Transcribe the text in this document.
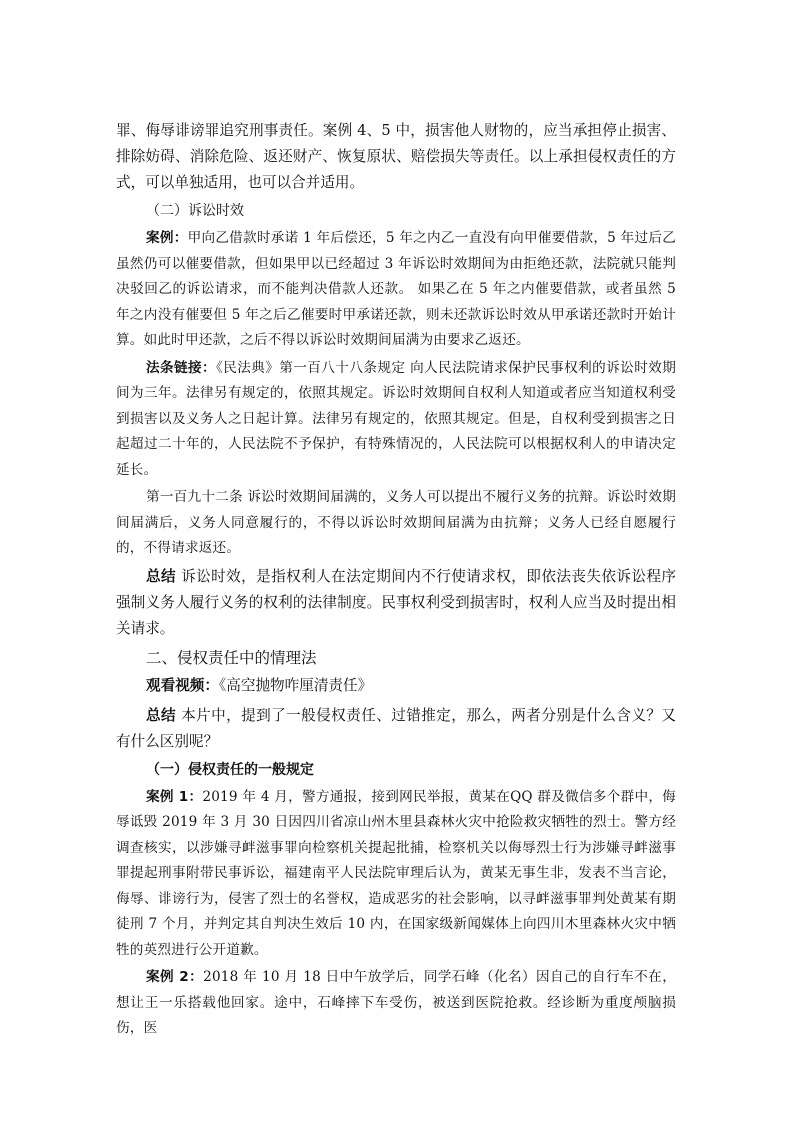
罪、侮辱诽谤罪追究刑事责任。案例 4、5 中，损害他人财物的，应当承担停止损害、排除妨碍、消除危险、返还财产、恢复原状、赔偿损失等责任。以上承担侵权责任的方式，可以单独适用，也可以合并适用。

（二）诉讼时效

案例：甲向乙借款时承诺 1 年后偿还，5 年之内乙一直没有向甲催要借款，5 年过后乙虽然仍可以催要借款，但如果甲以已经超过 3 年诉讼时效期间为由拒绝还款，法院就只能判决驳回乙的诉讼请求，而不能判决借款人还款。 如果乙在 5 年之内催要借款，或者虽然 5 年之内没有催要但 5 年之后乙催要时甲承诺还款，则未还款诉讼时效从甲承诺还款时开始计算。如此时甲还款，之后不得以诉讼时效期间届满为由要求乙返还。

法条链接：《民法典》第一百八十八条规定 向人民法院请求保护民事权利的诉讼时效期间为三年。法律另有规定的，依照其规定。诉讼时效期间自权利人知道或者应当知道权利受到损害以及义务人之日起计算。法律另有规定的，依照其规定。但是，自权利受到损害之日起超过二十年的，人民法院不予保护，有特殊情况的，人民法院可以根据权利人的申请决定延长。

第一百九十二条 诉讼时效期间届满的，义务人可以提出不履行义务的抗辩。诉讼时效期间届满后，义务人同意履行的，不得以诉讼时效期间届满为由抗辩；义务人已经自愿履行的，不得请求返还。

总结 诉讼时效，是指权利人在法定期间内不行使请求权，即依法丧失依诉讼程序强制义务人履行义务的权利的法律制度。民事权利受到损害时，权利人应当及时提出相关请求。

二、侵权责任中的情理法

观看视频：《高空抛物咋厘清责任》

总结 本片中，提到了一般侵权责任、过错推定，那么，两者分别是什么含义？又有什么区别呢？

（一）侵权责任的一般规定

案例 1：2019 年 4 月，警方通报，接到网民举报，黄某在QQ 群及微信多个群中，侮辱诋毁 2019 年 3 月 30 日因四川省凉山州木里县森林火灾中抢险救灾牺牲的烈士。警方经调查核实，以涉嫌寻衅滋事罪向检察机关提起批捕，检察机关以侮辱烈士行为涉嫌寻衅滋事罪提起刑事附带民事诉讼，福建南平人民法院审理后认为，黄某无事生非，发表不当言论，侮辱、诽谤行为，侵害了烈士的名誉权，造成恶劣的社会影响，以寻衅滋事罪判处黄某有期徒刑 7 个月，并判定其自判决生效后 10 内，在国家级新闻媒体上向四川木里森林火灾中牺牲的英烈进行公开道歉。

案例 2：2018 年 10 月 18 日中午放学后，同学石峰（化名）因自己的自行车不在，想让王一乐搭载他回家。途中，石峰摔下车受伤，被送到医院抢救。经诊断为重度颅脑损伤，医
